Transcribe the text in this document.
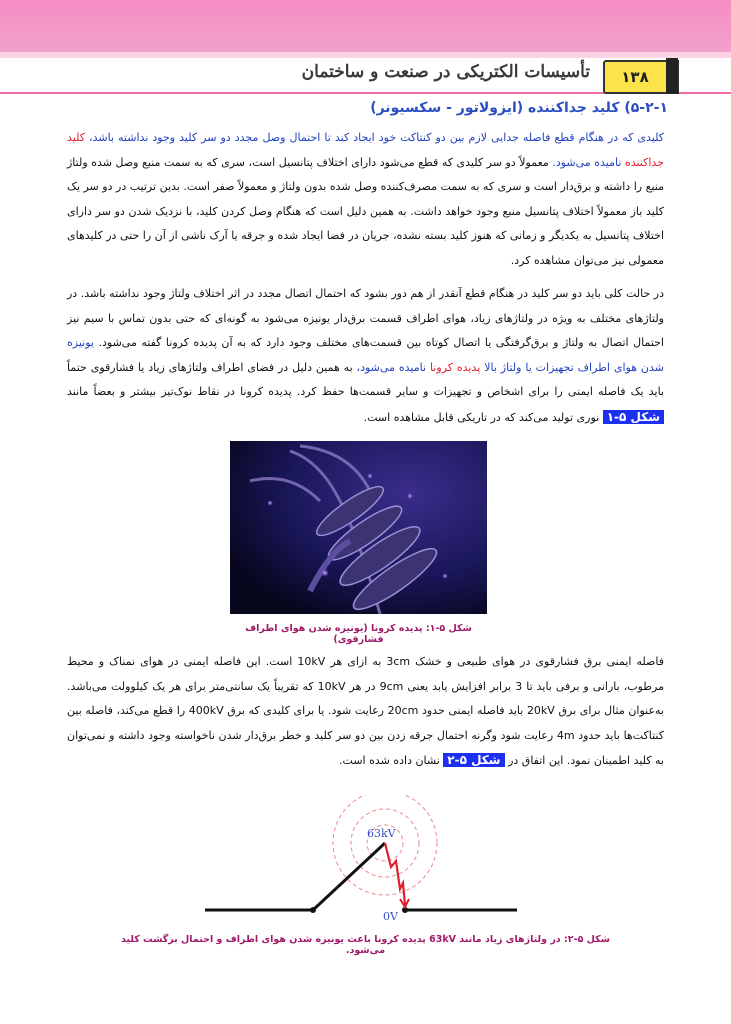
۱۳۸
تأسیسات الکتریکی در صنعت و ساختمان
۵-۲-۱) کلید جداکننده (ایزولاتور - سکسیونر)
کلیدی که در هنگام قطع فاصله جدایی لازم بین دو کنتاکت خود ایجاد کند تا احتمال وصل مجدد دو سر کلید وجود نداشته باشد، کلید جداکننده نامیده می‌شود. معمولاً دو سر کلیدی که قطع می‌شود دارای اختلاف پتانسیل است، سری که به سمت منبع وصل شده ولتاژ منبع را داشته و برق‌دار است و سری که به سمت مصرف‌کننده وصل شده بدون ولتاژ و معمولاً صفر است. بدین ترتیب در دو سر یک کلید باز معمولاً اختلاف پتانسیل منبع وجود خواهد داشت. به همین دلیل است که هنگام وصل کردن کلید، با نزدیک شدن دو سر دارای اختلاف پتانسیل به یکدیگر و زمانی که هنوز کلید بسته نشده، جریان در فضا ایجاد شده و جرقه یا آرک ناشی از آن را حتی در کلیدهای معمولی نیز می‌توان مشاهده کرد.
در حالت کلی باید دو سر کلید در هنگام قطع آنقدر از هم دور بشود که احتمال اتصال مجدد در اثر اختلاف ولتاژ وجود نداشته باشد. در ولتاژهای مختلف به ویژه در ولتاژهای زیاد، هوای اطراف قسمت برق‌دار یونیزه می‌شود به گونه‌ای که حتی بدون تماس با سیم نیز احتمال اتصال به ولتاژ و برق‌گرفتگی یا اتصال کوتاه بین قسمت‌های مختلف وجود دارد که به آن پدیده کرونا گفته می‌شود. یونیزه شدن هوای اطراف تجهیزات یا ولتاژ بالا پدیده کرونا نامیده می‌شود، به همین دلیل در فضای اطراف ولتاژهای زیاد یا فشارقوی حتماً باید یک فاصله ایمنی را برای اشخاص و تجهیزات و سایر قسمت‌ها حفظ کرد. پدیده کرونا در نقاط نوک‌تیز بیشتر و بعضاً مانند شکل ۵-۱ نوری تولید می‌کند که در تاریکی قابل مشاهده است.
شکل ۵-۱: پدیده کرونا (یونیزه شدن هوای اطراف فشارقوی)
فاصله ایمنی برق فشارقوی در هوای طبیعی و خشک 3cm به ازای هر 10kV است. این فاصله ایمنی در هوای نمناک و محیط مرطوب، بارانی و برفی باید تا 3 برابر افزایش یابد یعنی 9cm در هر 10kV که تقریباً یک سانتی‌متر برای هر یک کیلوولت می‌باشد. به‌عنوان مثال برای برق 20kV باید فاصله ایمنی حدود 20cm رعایت شود. یا برای کلیدی که برق 400kV را قطع می‌کند، فاصله بین کنتاکت‌ها باید حدود 4m رعایت شود وگرنه احتمال جرقه زدن بین دو سر کلید و خطر برق‌دار شدن ناخواسته وجود داشته و نمی‌توان به کلید اطمینان نمود. این اتفاق در شکل ۵-۲ نشان داده شده است.
63kV
0V
شکل ۵-۲: در ولتاژهای زیاد مانند 63kV پدیده کرونا باعث یونیزه شدن هوای اطراف و احتمال برگشت کلید می‌شود.
